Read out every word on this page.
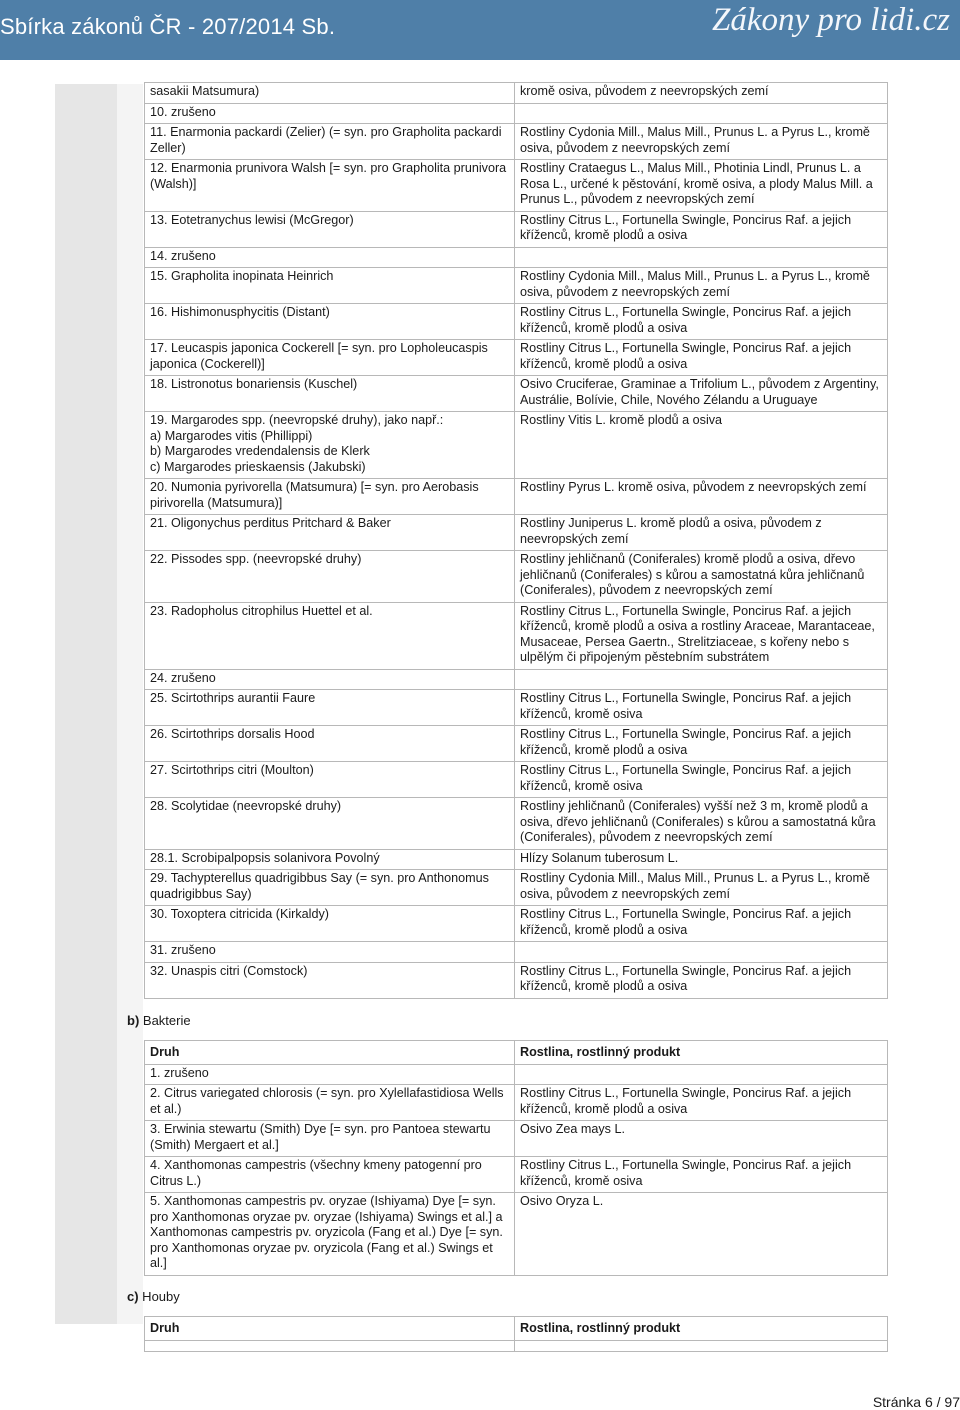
Sbírka zákonů ČR - 207/2014 Sb.	Zákony pro lidi.cz
sasakii Matsumura)	kromě osiva, původem z neevropských zemí
10. zrušeno	
11. Enarmonia packardi (Zelier) (= syn. pro Grapholita packardi Zeller)	Rostliny Cydonia Mill., Malus Mill., Prunus L. a Pyrus L., kromě osiva, původem z neevropských zemí
12. Enarmonia prunivora Walsh [= syn. pro Grapholita prunivora (Walsh)]	Rostliny Crataegus L., Malus Mill., Photinia Lindl, Prunus L. a Rosa L., určené k pěstování, kromě osiva, a plody Malus Mill. a Prunus L., původem z neevropských zemí
13. Eotetranychus lewisi (McGregor)	Rostliny Citrus L., Fortunella Swingle, Poncirus Raf. a jejich kříženců, kromě plodů a osiva
14. zrušeno	
15. Grapholita inopinata Heinrich	Rostliny Cydonia Mill., Malus Mill., Prunus L. a Pyrus L., kromě osiva, původem z neevropských zemí
16. Hishimonusphycitis (Distant)	Rostliny Citrus L., Fortunella Swingle, Poncirus Raf. a jejich kříženců, kromě plodů a osiva
17. Leucaspis japonica Cockerell [= syn. pro Lopholeucaspis japonica (Cockerell)]	Rostliny Citrus L., Fortunella Swingle, Poncirus Raf. a jejich kříženců, kromě plodů a osiva
18. Listronotus bonariensis (Kuschel)	Osivo Cruciferae, Graminae a Trifolium L., původem z Argentiny, Austrálie, Bolívie, Chile, Nového Zélandu a Uruguaye
19. Margarodes spp. (neevropské druhy), jako např.:
a) Margarodes vitis (Phillippi)
b) Margarodes vredendalensis de Klerk
c) Margarodes prieskaensis (Jakubski)	Rostliny Vitis L. kromě plodů a osiva
20. Numonia pyrivorella (Matsumura) [= syn. pro Aerobasis pirivorella (Matsumura)]	Rostliny Pyrus L. kromě osiva, původem z neevropských zemí
21. Oligonychus perditus Pritchard & Baker	Rostliny Juniperus L. kromě plodů a osiva, původem z neevropských zemí
22. Pissodes spp. (neevropské druhy)	Rostliny jehličnanů (Coniferales) kromě plodů a osiva, dřevo jehličnanů (Coniferales) s kůrou a samostatná kůra jehličnanů (Coniferales), původem z neevropských zemí
23. Radopholus citrophilus Huettel et al.	Rostliny Citrus L., Fortunella Swingle, Poncirus Raf. a jejich kříženců, kromě plodů a osiva a rostliny Araceae, Marantaceae, Musaceae, Persea Gaertn., Strelitziaceae, s kořeny nebo s ulpělým či připojeným pěstebním substrátem
24. zrušeno	
25. Scirtothrips aurantii Faure	Rostliny Citrus L., Fortunella Swingle, Poncirus Raf. a jejich kříženců, kromě osiva
26. Scirtothrips dorsalis Hood	Rostliny Citrus L., Fortunella Swingle, Poncirus Raf. a jejich kříženců, kromě plodů a osiva
27. Scirtothrips citri (Moulton)	Rostliny Citrus L., Fortunella Swingle, Poncirus Raf. a jejich kříženců, kromě osiva
28. Scolytidae (neevropské druhy)	Rostliny jehličnanů (Coniferales) vyšší než 3 m, kromě plodů a osiva, dřevo jehličnanů (Coniferales) s kůrou a samostatná kůra (Coniferales), původem z neevropských zemí
28.1. Scrobipalpopsis solanivora Povolný	Hlízy Solanum tuberosum L.
29. Tachypterellus quadrigibbus Say (= syn. pro Anthonomus quadrigibbus Say)	Rostliny Cydonia Mill., Malus Mill., Prunus L. a Pyrus L., kromě osiva, původem z neevropských zemí
30. Toxoptera citricida (Kirkaldy)	Rostliny Citrus L., Fortunella Swingle, Poncirus Raf. a jejich kříženců, kromě plodů a osiva
31. zrušeno	
32. Unaspis citri (Comstock)	Rostliny Citrus L., Fortunella Swingle, Poncirus Raf. a jejich kříženců, kromě plodů a osiva
b) Bakterie
Druh	Rostlina, rostlinný produkt
1. zrušeno	
2. Citrus variegated chlorosis (= syn. pro Xylellafastidiosa Wells et al.)	Rostliny Citrus L., Fortunella Swingle, Poncirus Raf. a jejich kříženců, kromě plodů a osiva
3. Erwinia stewartu (Smith) Dye [= syn. pro Pantoea stewartu (Smith) Mergaert et al.]	Osivo Zea mays L.
4. Xanthomonas campestris (všechny kmeny patogenní pro Citrus L.)	Rostliny Citrus L., Fortunella Swingle, Poncirus Raf. a jejich kříženců, kromě osiva
5. Xanthomonas campestris pv. oryzae (Ishiyama) Dye [= syn. pro Xanthomonas oryzae pv. oryzae (Ishiyama) Swings et al.] a Xanthomonas campestris pv. oryzicola (Fang et al.) Dye [= syn. pro Xanthomonas oryzae pv. oryzicola (Fang et al.) Swings et al.]	Osivo Oryza L.
c) Houby
Druh	Rostlina, rostlinný produkt

Stránka 6 / 97
